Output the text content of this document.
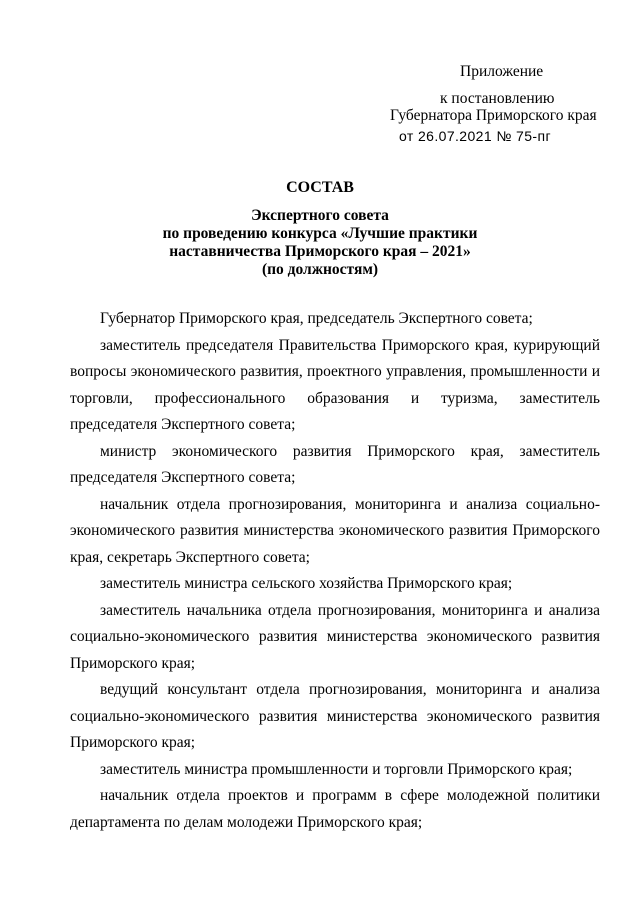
Приложение
к постановлению
Губернатора Приморского края
от 26.07.2021 № 75-пг
СОСТАВ
Экспертного совета
по проведению конкурса «Лучшие практики
наставничества Приморского края – 2021»
(по должностям)

Губернатор Приморского края, председатель Экспертного совета;

заместитель председателя Правительства Приморского края, курирующий вопросы экономического развития, проектного управления, промышленности и торговли, профессионального образования и туризма, заместитель председателя Экспертного совета;

министр экономического развития Приморского края, заместитель председателя Экспертного совета;

начальник отдела прогнозирования, мониторинга и анализа социально-экономического развития министерства экономического развития Приморского края, секретарь Экспертного совета;

заместитель министра сельского хозяйства Приморского края;

заместитель начальника отдела прогнозирования, мониторинга и анализа социально-экономического развития министерства экономического развития Приморского края;

ведущий консультант отдела прогнозирования, мониторинга и анализа социально-экономического развития министерства экономического развития Приморского края;

заместитель министра промышленности и торговли Приморского края;

начальник отдела проектов и программ в сфере молодежной политики департамента по делам молодежи Приморского края;
